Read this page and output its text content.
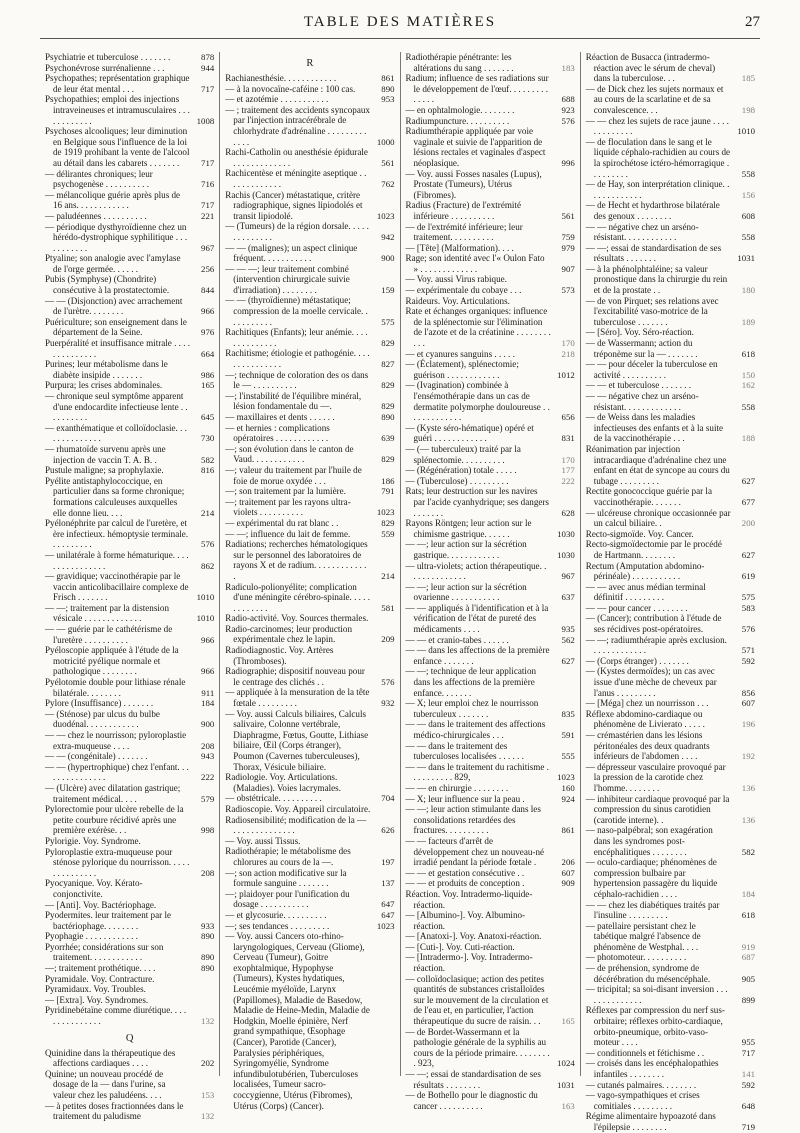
TABLE DES MATIÈRES	27
Psychiatrie et tuberculose . . . . . . .	878
Psychonévrose surrénalienne . . .	944
Psychopathes; représentation graphique de leur état mental . . .	717
Psychopathies; emploi des injections intraveineuses et intramusculaires . . . . . . . . . . . .	1008
Psychoses alcooliques; leur diminution en Belgique sous l'influence de la loi de 1919 prohibant la vente de l'alcool au détail dans les cabarets . . . . . . .	717
— délirantes chroniques; leur psychogenèse . . . . . . . . . .	716
— mélancolique guérie après plus de 16 ans. . . . . . . . . . . .	717
— paludéennes . . . . . . . . . .	221
— périodique dysthyroïdienne chez un hérédo-dystrophique syphilitique . . . . . . . . . . .	967
Ptyaline; son analogie avec l'amylase de l'orge germée. . . . . .	256
Pubis (Symphyse) (Chondrite) consécutive à la prostatectomie.	844
— — (Disjonction) avec arrachement de l'urètre. . . . . . . .	966
Puériculture; son enseignement dans le département de la Seine.	976
Puerpéralité et insuffisance mitrale . . . . . . . . . . . . . .	664
Purines; leur métabolisme dans le diabète insipide . . . . . . .	986
Purpura; les crises abdominales.	165
— chronique seul symptôme apparent d'une endocardite infectieuse lente . . . . . . . . . .	645
— exanthématique et colloïdoclasie. . . . . . . . . . . . . .	730
— rhumatoïde survenu après une injection de vaccin T. A. B. .	582
Pustule maligne; sa prophylaxie.	816
Pyélite antistaphylococcique, en particulier dans sa forme chronique; formations calculeuses auxquelles elle donne lieu. . . .	214
Pyélonéphrite par calcul de l'uretère, et ère infectieux. hémoptysie terminale. . . . . . . . . .	576
— unilatérale à forme hématurique. . . . . . . . . . . . . . . .	862
— gravidique; vaccinothérapie par le vaccin anticolibacillaire complexe de Frisch . . . . . . .	1010
— —; traitement par la distension vésicale . . . . . . . . . . . . .	1010
— — guérie par le cathétérisme de l'uretère . . . . . . . . . .	966
Pyéloscopie appliquée à l'étude de la motricité pyélique normale et pathologique . . . . . . . .	966
Pyélotomie double pour lithiase rénale bilatérale. . . . . . . .	911
Pylore (Insuffisance) . . . . . . .	184
— (Sténose) par ulcus du bulbe duodénal. . . . . . . . . . . .	900
— — chez le nourrisson; pyloroplastie extra-muqueuse . . . .	208
— — (congénitale) . . . . . . .	943
— — (hypertrophique) chez l'enfant. . . . . . . . . . . . . . .	222
— (Ulcère) avec dilatation gastrique; traitement médical. . . .	579
Pylorectomie pour ulcère rebelle de la petite courbure récidivé après une première exérèse. . .	998
Pylorigie. Voy. Syndrome.
Pyloroplastie extra-muqueuse pour sténose pylorique du nourrisson. . . . . . . . . . . . . . .	208
Pyocyanique. Voy. Kérato-conjonctivite.
— [Anti]. Voy. Bactériophage.
Pyodermites. leur traitement par le bactériophage. . . . . . . .	933
Pyophagie . . . . . . . . . . . .	890
Pyorrhée; considérations sur son traitement. . . . . . . . . . . .	890
—; traitement prothétique. . . .	890
Pyramidale. Voy. Contracture.
Pyramidaux. Voy. Troubles.
— [Extra]. Voy. Syndromes.
Pyridinebétaïne comme diurétique. . . . . . . . . . . . . . .	132
Q
Quinidine dans la thérapeutique des affections cardiaques . . . .	202
Quinine; un nouveau procédé de dosage de la — dans l'urine, sa valeur chez les paludéens. . . .	153
— à petites doses fractionnées dans le traitement du paludisme	132
R
Rachianesthésie. . . . . . . . . . . .	861
— à la novocaïne-caféine : 100 cas.	890
— et azotémie . . . . . . . . . . .	953
— ; traitement des accidents syncopaux par l'injection intracérébrale de chlorhydrate d'adrénaline . . . . . . . . . . . . .	1000
Rachi-Catholin ou anesthésie épidurale . . . . . . . . . . . . .	561
Rachicentèse et méningite aseptique . . . . . . . . . . . . .	762
Rachis (Cancer) métastatique, critère radiographique, signes lipiodolés et transit lipiodolé.	1023
— (Tumeurs) de la région dorsale. . . . . . . . . . . . . .	942
— — (malignes); un aspect clinique fréquent. . . . . . . . . . .	900
— — —; leur traitement combiné (intervention chirurgicale suivie d'irradiation) . . . . . . . .	159
— — (thyroïdienne) métastatique; compression de la moelle cervicale. . . . . . . . . . .	575
Rachitiques (Enfants); leur anémie. . . . . . . . . . . . . .	829
Rachitisme; étiologie et pathogénie. . . . . . . . . . . . . . .	827
—; technique de coloration des os dans le — . . . . . . . . . .	829
—; l'instabilité de l'équilibre minéral, lésion fondamentale du —.	829
— maxillaires et dents . . . . . .	890
— et hernies : complications opératoires . . . . . . . . . . . .	639
—; son évolution dans le canton de Vaud. . . . . . . . . . . .	829
—; valeur du traitement par l'huile de foie de morue oxydée . . .	186
—; son traitement par la lumière.	791
—; traitement par les rayons ultra-violets . . . . . . . . . .	1023
— expérimental du rat blanc . .	829
— —; influence du lait de femme.	559
Radiations; recherches hématologiques sur le personnel des laboratoires de rayons X et de radium. . . . . . . . . . . . .	214
Radiculo-polionyélite; complication d'une méningite cérébro-spinale. . . . . . . . . . . . .	581
Radio-activité. Voy. Sources thermales.
Radio-carcinomes; leur production expérimentale chez le lapin.	209
Radiodiagnostic. Voy. Artères (Thromboses).
Radiographie; dispositif nouveau pour le centrage des clichés . .	576
— appliquée à la mensuration de la tête fœtale . . . . . . . . .	932
— Voy. aussi Calculs biliaires, Calculs salivaire, Colonne vertébrale, Diaphragme, Fœtus, Goutte, Lithiase biliaire, Œil (Corps étranger), Poumon (Cavernes tuberculeuses), Thorax, Vésicule biliaire.
Radiologie. Voy. Articulations. (Maladies). Voies lacrymales.
— obstétricale. . . . . . . . . .	704
Radioscopie. Voy. Appareil circulatoire.
Radiosensibilité; modification de la — . . . . . . . . . . . . . .	626
— Voy. aussi Tissus.
Radiothérapie; le métabolisme des chlorures au cours de la —.	197
—; son action modificative sur la formule sanguine . . . . . . .	137
—; plaidoyer pour l'unification du dosage . . . . . . . . . . .	647
— et glycosurie. . . . . . . . . .	647
—; ses tendances . . . . . . . . .	1023
— Voy. aussi Cancers oto-rhino-laryngologiques, Cerveau (Gliome), Cerveau (Tumeur), Goitre exophtalmique, Hypophyse (Tumeurs), Kystes hydatiques, Leucémie myéloïde, Larynx (Papillomes), Maladie de Basedow, Maladie de Heine-Medin, Maladie de Hodgkin, Moelle épinière, Nerf grand sympathique, Œsophage (Cancer), Parotide (Cancer), Paralysies périphériques, Syringomyélie, Syndrome infundibulotubérien, Tuberculoses localisées, Tumeur sacro-coccygienne, Utérus (Fibromes), Utérus (Corps) (Cancer).
Radiothérapie pénétrante: les altérations du sang . . . . . . .	183
Radium; influence de ses radiations sur le développement de l'œuf. . . . . . . . . . . . . .	688
— en ophtalmologie. . . . . . . .	923
Radiumpuncture. . . . . . . . . .	576
Radiumthérapie appliquée par voie vaginale et suivie de l'apparition de lésions rectales et vaginales d'aspect néoplasique.	996
— Voy. aussi Fosses nasales (Lupus), Prostate (Tumeurs), Utérus (Fibromes).
Radius (Fracture) de l'extrémité inférieure . . . . . . . . . .	561
— de l'extrémité inférieure; leur traitement. . . . . . . . . .	759
— [Tête] (Malformation). . . .	979
Rage; son identité avec l'« Oulon Fato » . . . . . . . . . . . . .	907
— Voy. aussi Virus rabique.
— expérimentale du cobaye . . .	573
Raideurs. Voy. Articulations.
Rate et échanges organiques: influence de la splénectomie sur l'élimination de l'azote et de la créatinine . . . . . . . . . . .	170
— et cyanures sanguins . . . . .	218
— (Éclatement), splénectomie; guérison . . . . . . . . . . . .	1012
— (Ivagination) combinée à l'ensémothérapie dans un cas de dermatite polymorphe douloureuse . . . . . . . . . . . . .	656
— (Kyste séro-hématique) opéré et guéri . . . . . . . . . . . .	831
— (— tuberculeux) traité par la splénectomie. . . . . . . . . .	170
— (Régénération) totale . . . . .	177
— (Tuberculose) . . . . . . . . .	222
Rats; leur destruction sur les navires par l'acide cyanhydrique; ses dangers . . . . . . .	628
Rayons Röntgen; leur action sur le chimisme gastrique. . . . . .	1030
— —; leur action sur la sécrétion gastrique. . . . . . . . . . . .	1030
— ultra-violets; action thérapeutique. . . . . . . . . . . . . .	967
— —; leur action sur la sécrétion ovarienne . . . . . . . . . . .	637
— — appliqués à l'identification et à la vérification de l'état de pureté des médicaments . . . .	935
— — et cranio-tabes . . . . . .	562
— — dans les affections de la première enfance . . . . . . .	627
— —; technique de leur application dans les affections de la première enfance. . . . . . .
— X; leur emploi chez le nourrisson tuberculeux . . . . . . .	835
— — dans le traitement des affections médico-chirurgicales . . .	591
— — dans le traitement des tuberculoses localisées . . . . . .	555
— — dans le traitement du rachitisme . . . . . . . . . . 829,	1023
— — en chirurgie . . . . . . . .	160
— X; leur influence sur la peau .	924
— —; leur action stimulante dans les consolidations retardées des fractures. . . . . . . . . .	861
— — facteurs d'arrêt de développement chez un nouveau-né irradié pendant la période fœtale .	206
— — et gestation consécutive . .	607
— — et produits de conception .	909
Réaction. Voy. Intradermo-liquide-réaction.
— [Albumino-]. Voy. Albumino-réaction.
— [Anatoxi-]. Voy. Anatoxi-réaction.
— [Cuti-]. Voy. Cuti-réaction.
— [Intradermo-]. Voy. Intradermo-réaction.
— colloïdoclasique; action des petites quantités de substances cristalloïdes sur le mouvement de la circulation et de l'eau et, en particulier, l'action thérapeutique du sucre de raisin. . .	165
— de Bordet-Wassermann et la pathologie générale de la syphilis au cours de la période primaire. . . . . . . . . 923,	1024
— —; essai de standardisation de ses résultats . . . . . . . .	1031
— de Bothello pour le diagnostic du cancer . . . . . . . . . .	163
Réaction de Busacca (intradermo-réaction avec le sérum de cheval) dans la tuberculose. . .	185
— de Dick chez les sujets normaux et au cours de la scarlatine et de sa convalescence. . .	198
— — chez les sujets de race jaune . . . . . . . . . . . . .	1010
— de floculation dans le sang et le liquide céphalo-rachidien au cours de la spirochétose ictéro-hémorragique . . . . . . . . .	558
— de Hay, son interprétation clinique. . . . . . . . . . . . .	156
— de Hecht et hydarthrose bilatérale des genoux . . . . . . . .	608
— — négative chez un arséno-résistant. . . . . . . . . . . .	558
— —; essai de standardisation de ses résultats . . . . . . .	1031
— à la phénolphtaléine; sa valeur pronostique dans la chirurgie du rein et de la prostate . .	180
— de von Pirquet; ses relations avec l'excitabilité vaso-motrice de la tuberculose . . . . . . .	189
— [Séro]. Voy. Séro-réaction.
— de Wassermann; action du tréponème sur la — . . . . . . .	618
— — pour déceler la tuberculose en activité . . . . . . . . . .	150
— — et tuberculose . . . . . . .	162
— — négative chez un arséno-résistant. . . . . . . . . . . . .	558
— de Weiss dans les maladies infectieuses des enfants et à la suite de la vaccinothérapie . . .	188
Réanimation par injection intracardiaque d'adrénaline chez une enfant en état de syncope au cours du tubage . . . . . . . . .	627
Rectite gonococcique guérie par la vaccinothérapie. . . . . . .	677
— ulcéreuse chronique occasionnée par un calcul biliaire. .	200
Recto-sigmoïde. Voy. Cancer.
Recto-sigmoïdectomie par le procédé de Hartmann. . . . . . . .	627
Rectum (Amputation abdomino-périnéale) . . . . . . . . . . .	619
— — avec anus médian terminal définitif . . . . . . . . .	575
— — pour cancer . . . . . . . .	583
— (Cancer); contribution à l'étude de ses récidives post-opératoires.	576
— —; radiumthérapie après exclusion. . . . . . . . . . . . .	571
— (Corps étranger) . . . . . . .	592
— (Kystes dermoïdes); un cas avec issue d'une mèche de cheveux par l'anus . . . . . . . . .	856
— [Méga] chez un nourrisson . . .	607
Réflexe abdomino-cardiaque ou phénomène de Livierato . . . . .	196
— crémastérien dans les lésions péritonéales des deux quadrants inférieurs de l'abdomen . . . .	192
— dépresseur vasculaire provoqué par la pression de la carotide chez l'homme. . . . . . . .	136
— inhibiteur cardiaque provoqué par la compression du sinus carotidien (carotide interne). .	136
— naso-palpébral; son exagération dans les syndromes post-encéphalitiques . . . . . . . .	582
— oculo-cardiaque; phénomènes de compression bulbaire par hypertension passagère du liquide céphalo-rachidien . . . .	184
— — chez les diabétiques traités par l'insuline . . . . . . . . .	618
— patellaire persistant chez le tabétique malgré l'absence de phénomène de Westphal. . . .	919
— photomoteur. . . . . . . . . .	687
— de préhension, syndrome de décérébration du mésencéphale.	905
— tricipital; sa soi-disant inversion . . . . . . . . . . . . . .	899
Réflexes par compression du nerf sus-orbitaire; réflexes orbito-cardiaque, orbito-pneumique, orbito-vaso-moteur . . . .	955
— conditionnels et fétichisme . .	717
— croisés dans les encéphalopathies infantiles . . . . . . . .	141
— cutanés palmaires. . . . . . . .	592
— vago-sympathiques et crises comitiales . . . . . . . . .	648
Régime alimentaire hypoazoté dans l'épilepsie . . . . . . . .	719
